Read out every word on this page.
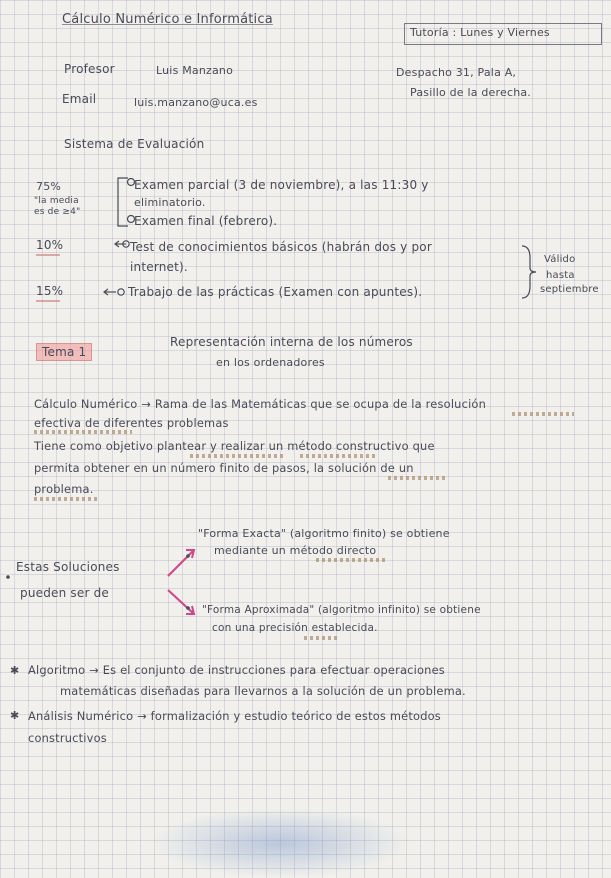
Cálculo Numérico e Informática
Tutoría : Lunes y Viernes
Profesor	Luis Manzano	Despacho 31, Pala A,
Pasillo de la derecha.
Email	luis.manzano@uca.es
Sistema de Evaluación
75%
"la media
es de ≥4"
Examen parcial (3 de noviembre), a las 11:30 y
eliminatorio.
Examen final (febrero).
10%	Test de conocimientos básicos (habrán dos y por
internet).
15%	Trabajo de las prácticas (Examen con apuntes).
Válido
hasta
septiembre
Tema 1
Representación interna de los números
en los ordenadores
Cálculo Numérico → Rama de las Matemáticas que se ocupa de la resolución
efectiva de diferentes problemas
Tiene como objetivo plantear y realizar un método constructivo que
permita obtener en un número finito de pasos, la solución de un
problema.
"Forma Exacta" (algoritmo finito) se obtiene
mediante un método directo
Estas Soluciones
pueden ser de
"Forma Aproximada" (algoritmo infinito) se obtiene
con una precisión establecida.
Algoritmo → Es el conjunto de instrucciones para efectuar operaciones
matemáticas diseñadas para llevarnos a la solución de un problema.
Análisis Numérico → formalización y estudio teórico de estos métodos
constructivos
✱
✱
